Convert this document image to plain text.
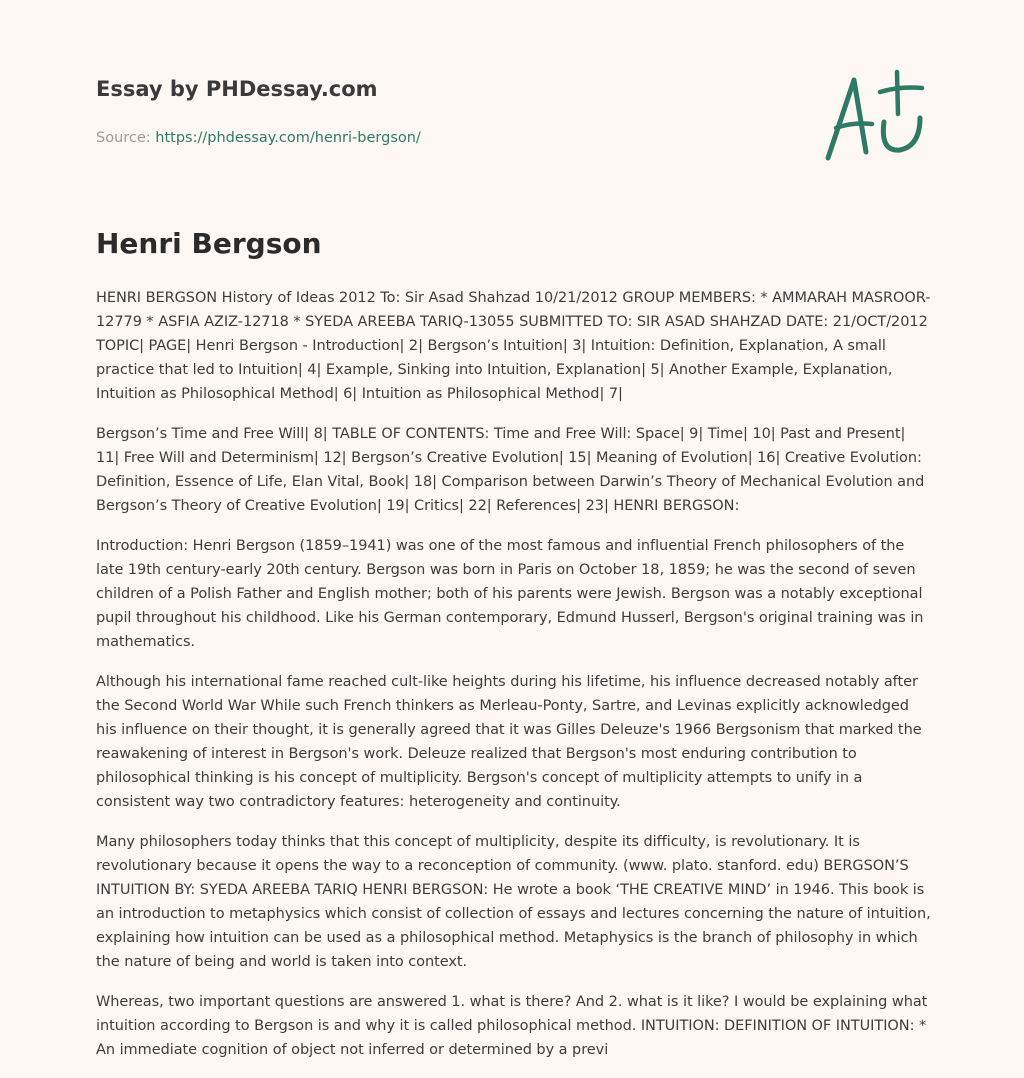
Essay by PHDessay.com
Source: https://phdessay.com/henri-bergson/
Henri Bergson

HENRI BERGSON History of Ideas 2012 To: Sir Asad Shahzad 10/21/2012 GROUP MEMBERS: * AMMARAH MASROOR-12779 * ASFIA AZIZ-12718 * SYEDA AREEBA TARIQ-13055 SUBMITTED TO: SIR ASAD SHAHZAD DATE: 21/OCT/2012 TOPIC| PAGE| Henri Bergson - Introduction| 2| Bergson’s Intuition| 3| Intuition: Definition, Explanation, A small practice that led to Intuition| 4| Example, Sinking into Intuition, Explanation| 5| Another Example, Explanation, Intuition as Philosophical Method| 6| Intuition as Philosophical Method| 7|

Bergson’s Time and Free Will| 8| TABLE OF CONTENTS: Time and Free Will: Space| 9| Time| 10| Past and Present| 11| Free Will and Determinism| 12| Bergson’s Creative Evolution| 15| Meaning of Evolution| 16| Creative Evolution: Definition, Essence of Life, Elan Vital, Book| 18| Comparison between Darwin’s Theory of Mechanical Evolution and Bergson’s Theory of Creative Evolution| 19| Critics| 22| References| 23| HENRI BERGSON:

Introduction: Henri Bergson (1859–1941) was one of the most famous and influential French philosophers of the late 19th century-early 20th century. Bergson was born in Paris on October 18, 1859; he was the second of seven children of a Polish Father and English mother; both of his parents were Jewish. Bergson was a notably exceptional pupil throughout his childhood. Like his German contemporary, Edmund Husserl, Bergson's original training was in mathematics.

Although his international fame reached cult-like heights during his lifetime, his influence decreased notably after the Second World War While such French thinkers as Merleau-Ponty, Sartre, and Levinas explicitly acknowledged his influence on their thought, it is generally agreed that it was Gilles Deleuze's 1966 Bergsonism that marked the reawakening of interest in Bergson's work. Deleuze realized that Bergson's most enduring contribution to philosophical thinking is his concept of multiplicity. Bergson's concept of multiplicity attempts to unify in a consistent way two contradictory features: heterogeneity and continuity.

Many philosophers today thinks that this concept of multiplicity, despite its difficulty, is revolutionary. It is revolutionary because it opens the way to a reconception of community. (www. plato. stanford. edu) BERGSON’S INTUITION BY: SYEDA AREEBA TARIQ HENRI BERGSON: He wrote a book ‘THE CREATIVE MIND’ in 1946. This book is an introduction to metaphysics which consist of collection of essays and lectures concerning the nature of intuition, explaining how intuition can be used as a philosophical method. Metaphysics is the branch of philosophy in which the nature of being and world is taken into context.

Whereas, two important questions are answered 1. what is there? And 2. what is it like? I would be explaining what intuition according to Bergson is and why it is called philosophical method. INTUITION: DEFINITION OF INTUITION: * An immediate cognition of object not inferred or determined by a previ
